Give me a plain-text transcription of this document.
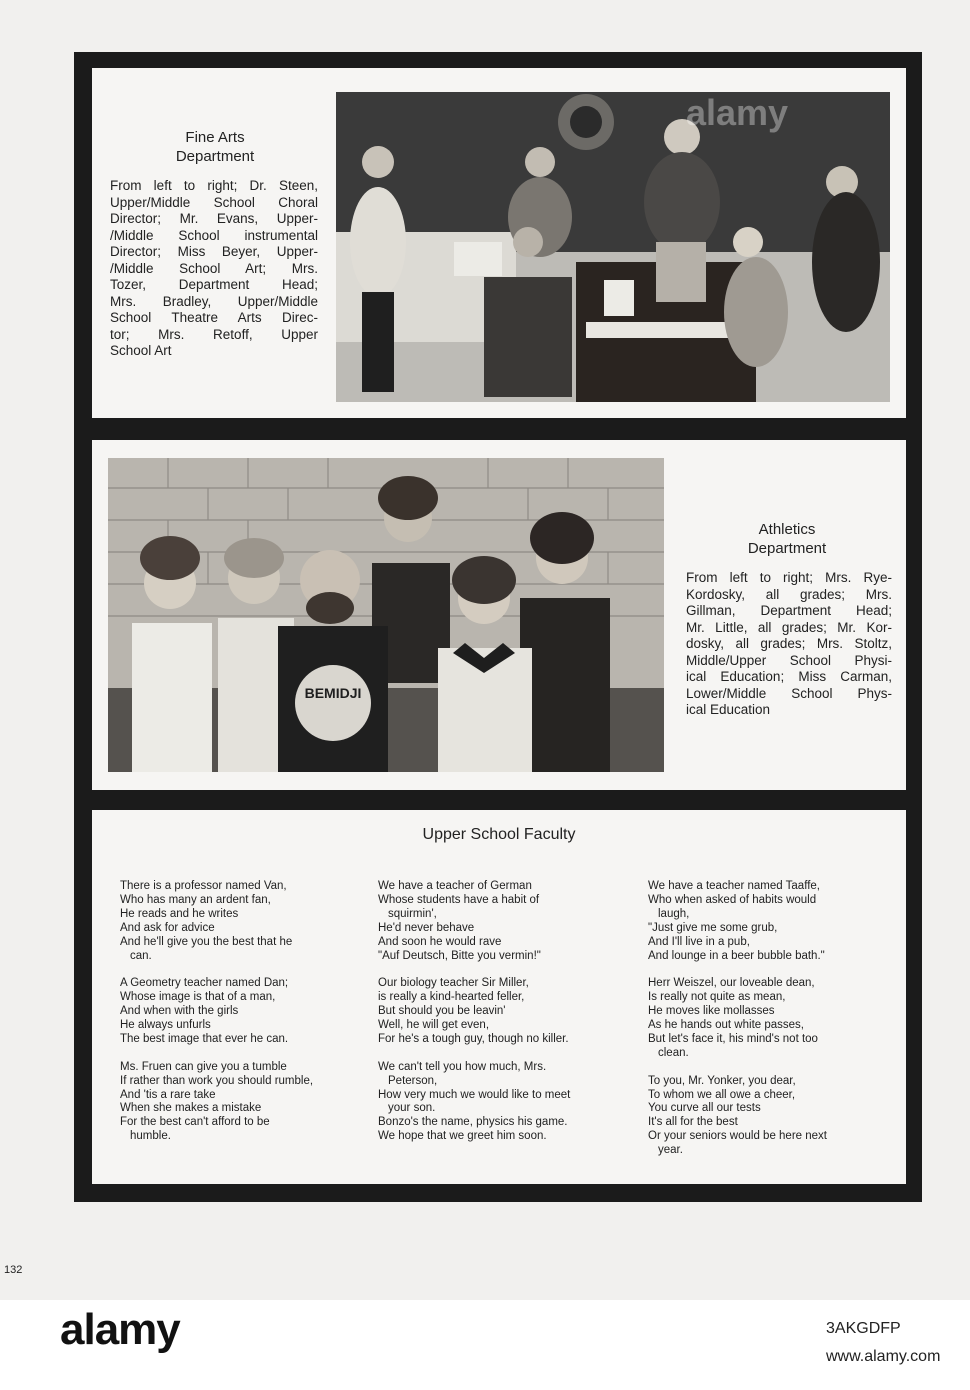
Fine Arts
Department
From left to right; Dr. Steen,
Upper/Middle School Choral
Director; Mr. Evans, Upper-
/Middle School instrumental
Director; Miss Beyer, Upper-
/Middle School Art; Mrs.
Tozer, Department Head;
Mrs. Bradley, Upper/Middle
School Theatre Arts Direc-
tor; Mrs. Retoff, Upper
School Art
alamy
BEMIDJI
Athletics
Department
From left to right; Mrs. Rye-
Kordosky, all grades; Mrs.
Gillman, Department Head;
Mr. Little, all grades; Mr. Kor-
dosky, all grades; Mrs. Stoltz,
Middle/Upper School Physi-
ical Education; Miss Carman,
Lower/Middle School Phys-
ical Education
Upper School Faculty
There is a professor named Van,
Who has many an ardent fan,
He reads and he writes
And ask for advice
And he'll give you the best that he
can.
A Geometry teacher named Dan;
Whose image is that of a man,
And when with the girls
He always unfurls
The best image that ever he can.
Ms. Fruen can give you a tumble
If rather than work you should rumble,
And 'tis a rare take
When she makes a mistake
For the best can't afford to be
humble.
We have a teacher of German
Whose students have a habit of
squirmin',
He'd never behave
And soon he would rave
"Auf Deutsch, Bitte you vermin!"
Our biology teacher Sir Miller,
is really a kind-hearted feller,
But should you be leavin'
Well, he will get even,
For he's a tough guy, though no killer.
We can't tell you how much, Mrs.
Peterson,
How very much we would like to meet
your son.
Bonzo's the name, physics his game.
We hope that we greet him soon.
We have a teacher named Taaffe,
Who when asked of habits would
laugh,
"Just give me some grub,
And I'll live in a pub,
And lounge in a beer bubble bath."
Herr Weiszel, our loveable dean,
Is really not quite as mean,
He moves like mollasses
As he hands out white passes,
But let's face it, his mind's not too
clean.
To you, Mr. Yonker, you dear,
To whom we all owe a cheer,
You curve all our tests
It's all for the best
Or your seniors would be here next
year.
132
alamy	3AKGDFP
www.alamy.com
